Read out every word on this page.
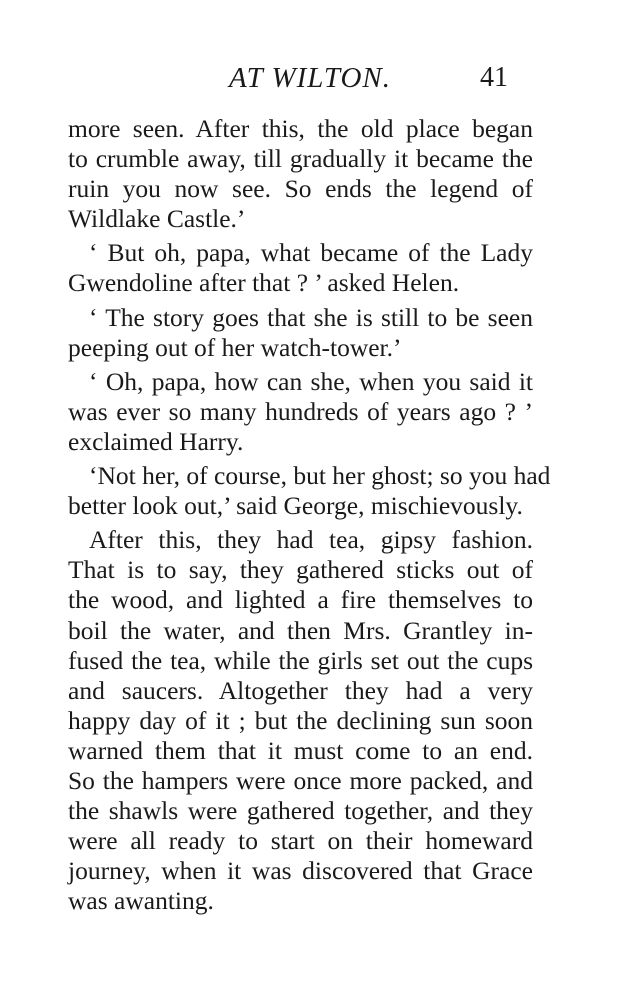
AT WILTON.	41
more seen. After this, the old place began
to crumble away, till gradually it became the
ruin you now see. So ends the legend of
Wildlake Castle.’
‘ But oh, papa, what became of the Lady
Gwendoline after that ? ’ asked Helen.
‘ The story goes that she is still to be seen
peeping out of her watch-tower.’
‘ Oh, papa, how can she, when you said it
was ever so many hundreds of years ago ? ’
exclaimed Harry.
‘Not her, of course, but her ghost; so you had
better look out,’ said George, mischievously.
After this, they had tea, gipsy fashion.
That is to say, they gathered sticks out of
the wood, and lighted a fire themselves to
boil the water, and then Mrs. Grantley in-
fused the tea, while the girls set out the cups
and saucers. Altogether they had a very
happy day of it ; but the declining sun soon
warned them that it must come to an end.
So the hampers were once more packed, and
the shawls were gathered together, and they
were all ready to start on their homeward
journey, when it was discovered that Grace
was awanting.
